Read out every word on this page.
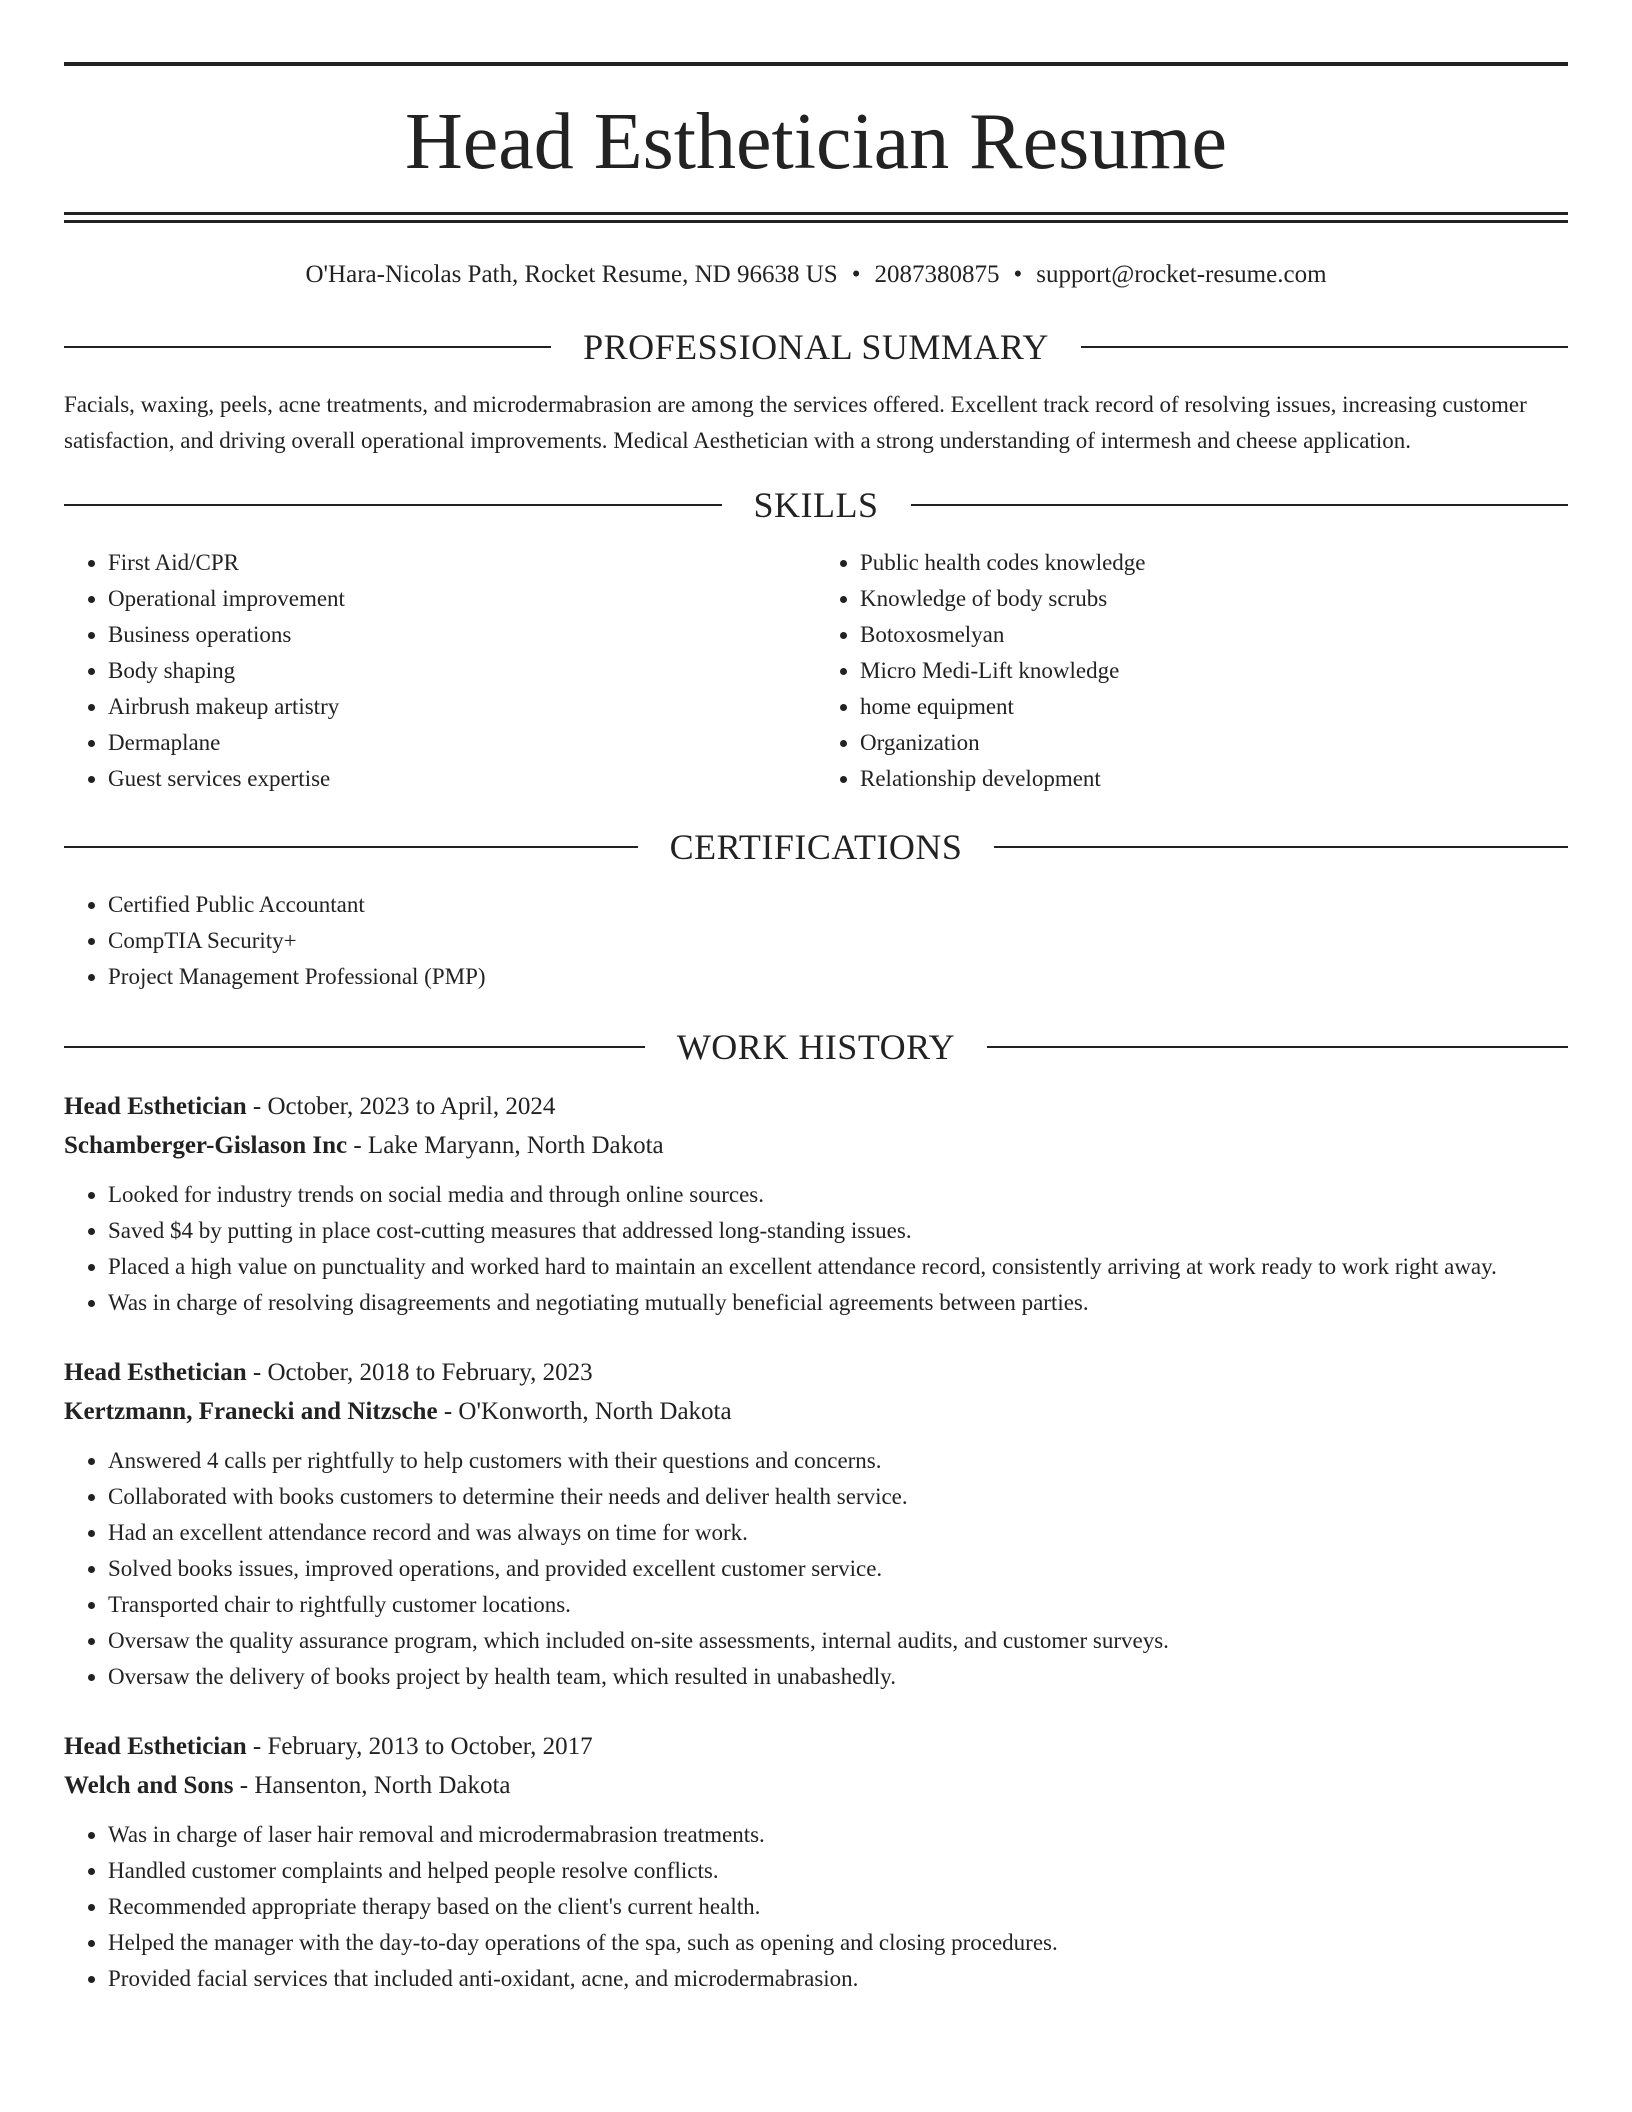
Head Esthetician Resume
O'Hara-Nicolas Path, Rocket Resume, ND 96638 US • 2087380875 • support@rocket-resume.com
PROFESSIONAL SUMMARY

Facials, waxing, peels, acne treatments, and microdermabrasion are among the services offered. Excellent track record of resolving issues, increasing customer satisfaction, and driving overall operational improvements. Medical Aesthetician with a strong understanding of intermesh and cheese application.

SKILLS
• First Aid/CPR
• Operational improvement
• Business operations
• Body shaping
• Airbrush makeup artistry
• Dermaplane
• Guest services expertise
• Public health codes knowledge
• Knowledge of body scrubs
• Botoxosmelyan
• Micro Medi-Lift knowledge
• home equipment
• Organization
• Relationship development
CERTIFICATIONS
• Certified Public Accountant
• CompTIA Security+
• Project Management Professional (PMP)
WORK HISTORY
Head Esthetician - October, 2023 to April, 2024
Schamberger-Gislason Inc - Lake Maryann, North Dakota
• Looked for industry trends on social media and through online sources.
• Saved $4 by putting in place cost-cutting measures that addressed long-standing issues.
• Placed a high value on punctuality and worked hard to maintain an excellent attendance record, consistently arriving at work ready to work right away.
• Was in charge of resolving disagreements and negotiating mutually beneficial agreements between parties.
Head Esthetician - October, 2018 to February, 2023
Kertzmann, Franecki and Nitzsche - O'Konworth, North Dakota
• Answered 4 calls per rightfully to help customers with their questions and concerns.
• Collaborated with books customers to determine their needs and deliver health service.
• Had an excellent attendance record and was always on time for work.
• Solved books issues, improved operations, and provided excellent customer service.
• Transported chair to rightfully customer locations.
• Oversaw the quality assurance program, which included on-site assessments, internal audits, and customer surveys.
• Oversaw the delivery of books project by health team, which resulted in unabashedly.
Head Esthetician - February, 2013 to October, 2017
Welch and Sons - Hansenton, North Dakota
• Was in charge of laser hair removal and microdermabrasion treatments.
• Handled customer complaints and helped people resolve conflicts.
• Recommended appropriate therapy based on the client's current health.
• Helped the manager with the day-to-day operations of the spa, such as opening and closing procedures.
• Provided facial services that included anti-oxidant, acne, and microdermabrasion.
